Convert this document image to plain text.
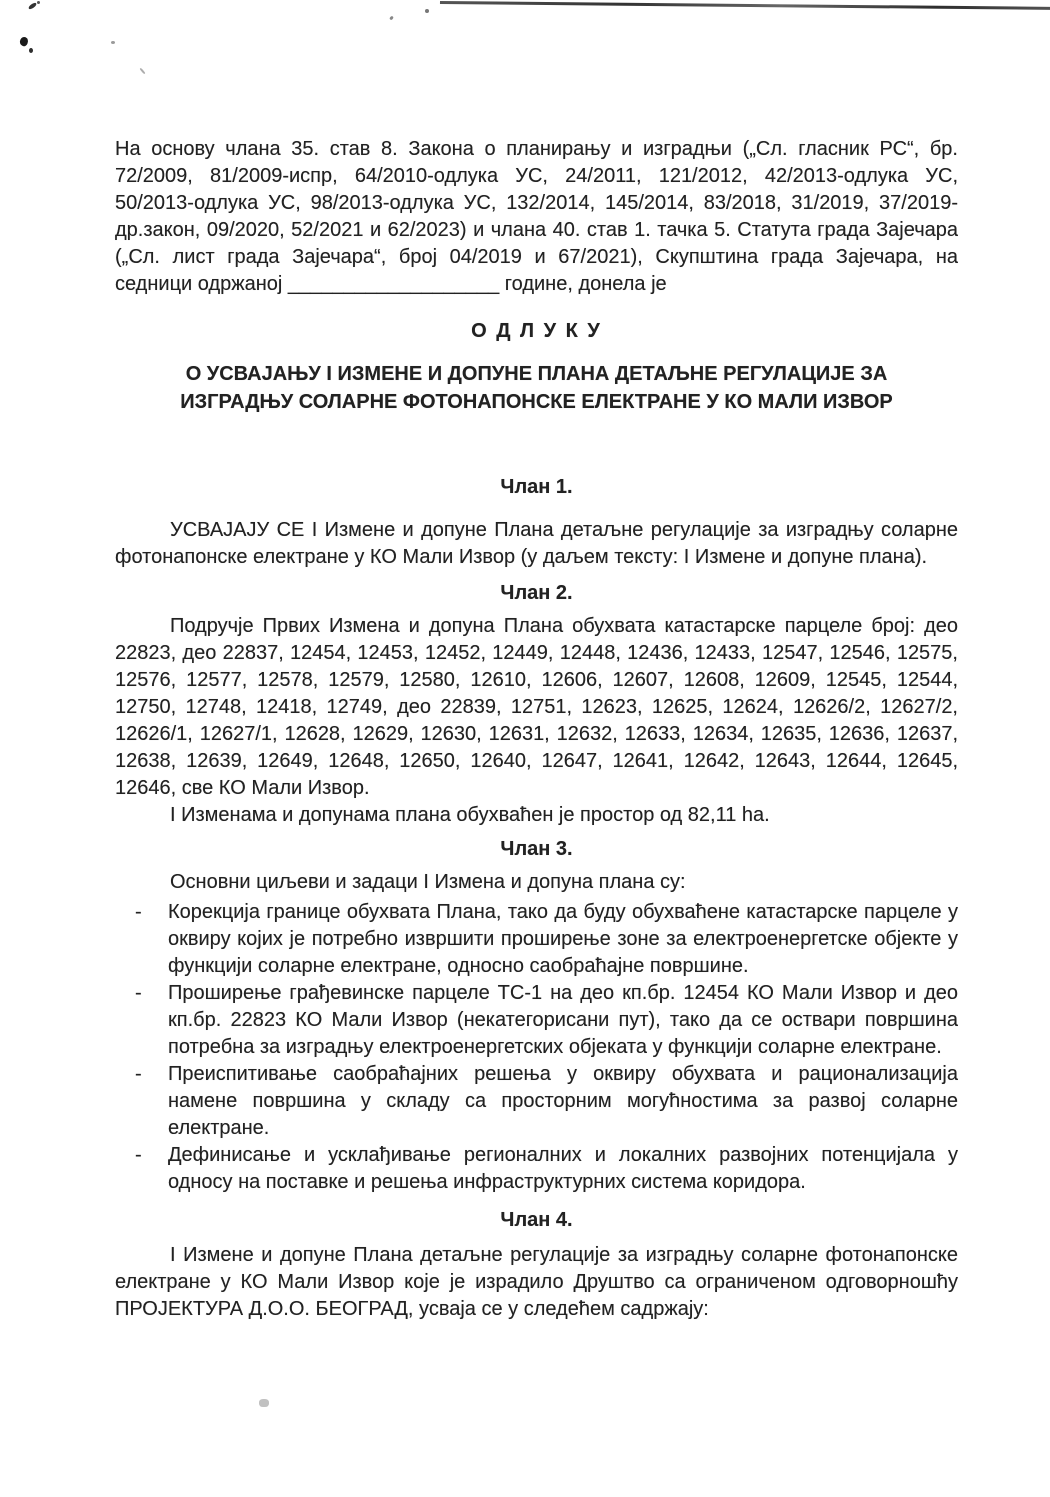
На основу члана 35. став 8. Закона о планирању и изградњи („Сл. гласник РС“, бр. 72/2009, 81/2009-испр, 64/2010-одлука УС, 24/2011, 121/2012, 42/2013-одлука УС, 50/2013-одлука УС, 98/2013-одлука УС, 132/2014, 145/2014, 83/2018, 31/2019, 37/2019-др.закон, 09/2020, 52/2021 и 62/2023) и члана 40. став 1. тачка 5. Статута града Зајечара („Сл. лист града Зајечара“, број 04/2019 и 67/2021), Скупштина града Зајечара, на седници одржаној ___________________ године, донела је

О Д Л У К У
О УСВАЈАЊУ I ИЗМЕНЕ И ДОПУНЕ ПЛАНА ДЕТАЉНЕ РЕГУЛАЦИЈЕ ЗА ИЗГРАДЊУ СОЛАРНЕ ФОТОНАПОНСКЕ ЕЛЕКТРАНЕ У КО МАЛИ ИЗВОР
Члан 1.

УСВАЈАЈУ СЕ I Измене и допуне Плана детаљне регулације за изградњу соларне фотонапонске електране у КО Мали Извор (у даљем тексту: I Измене и допуне плана).

Члан 2.

Подручје Првих Измена и допуна Плана обухвата катастарске парцеле број: део 22823, део 22837, 12454, 12453, 12452, 12449, 12448, 12436, 12433, 12547, 12546, 12575, 12576, 12577, 12578, 12579, 12580, 12610, 12606, 12607, 12608, 12609, 12545, 12544, 12750, 12748, 12418, 12749, део 22839, 12751, 12623, 12625, 12624, 12626/2, 12627/2, 12626/1, 12627/1, 12628, 12629, 12630, 12631, 12632, 12633, 12634, 12635, 12636, 12637, 12638, 12639, 12649, 12648, 12650, 12640, 12647, 12641, 12642, 12643, 12644, 12645, 12646, све КО Мали Извор.

I Изменама и допунама плана обухваћен је простор од 82,11 ha.

Члан 3.

Основни циљеви и задаци I Измена и допуна плана су:

- Корекција границе обухвата Плана, тако да буду обухваћене катастарске парцеле у оквиру којих је потребно извршити проширење зоне за електроенергетске објекте у функцији соларне електране, односно саобраћајне површине.
- Проширење грађевинске парцеле ТС-1 на део кп.бр. 12454 КО Мали Извор и део кп.бр. 22823 КО Мали Извор (некатегорисани пут), тако да се оствари површина потребна за изградњу електроенергетских објеката у функцији соларне електране.
- Преиспитивање саобраћајних решења у оквиру обухвата и рационализација намене површина у складу са просторним могућностима за развој соларне електране.
- Дефинисање и усклађивање регионалних и локалних развојних потенцијала у односу на поставке и решења инфраструктурних система коридора.
Члан 4.

I Измене и допуне Плана детаљне регулације за изградњу соларне фотонапонске електране у КО Мали Извор које је израдило Друштво са ограниченом одговорношћу ПРОЈЕКТУРА Д.О.О. БЕОГРАД, усваја се у следећем садржају:
